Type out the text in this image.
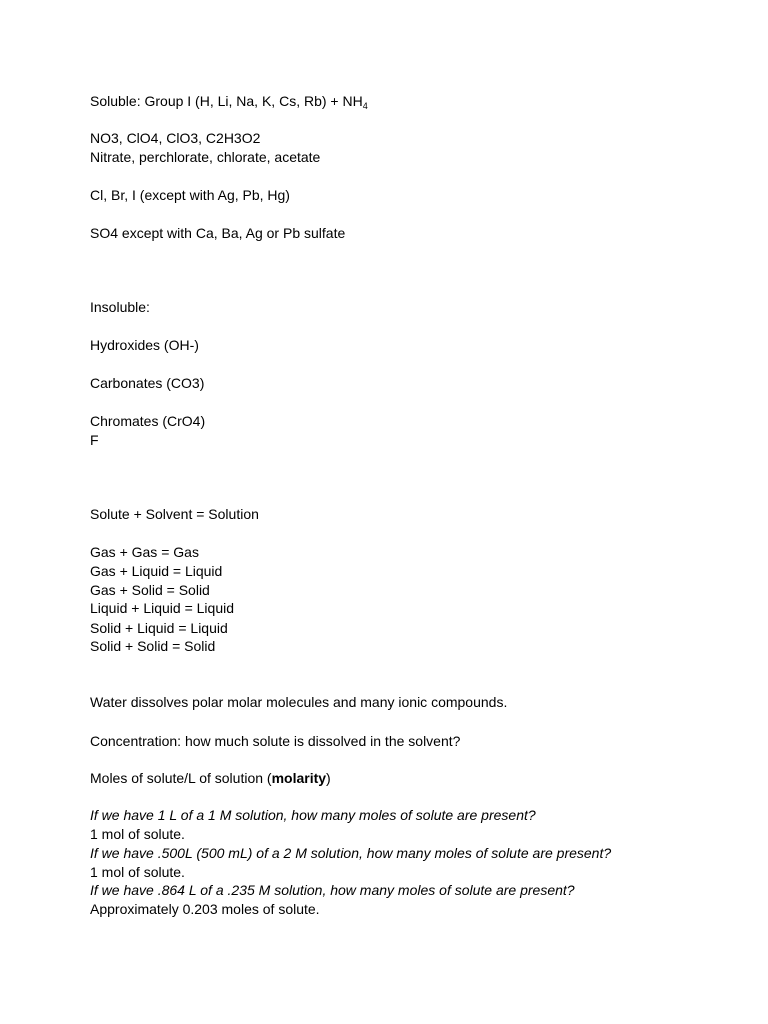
Soluble: Group I (H, Li, Na, K, Cs, $Rb) + NH_4$
NO3, ClO4, ClO3, C2H3O2
Nitrate, perchlorate, chlorate, acetate
Cl, Br, I (except with Ag, Pb, Hg)
SO4 except with Ca, Ba, Ag or Pb sulfate
Insoluble:
Hydroxides (OH-)
Carbonates (CO3)
Chromates (CrO4)
F
Solute + Solvent = Solution
Gas + Gas = Gas
Gas + Liquid = Liquid
Gas + Solid = Solid
Liquid + Liquid = Liquid
Solid + Liquid = Liquid
Solid + Solid = Solid
Water dissolves polar molar molecules and many ionic compounds.
Concentration: how much solute is dissolved in the solvent?
Moles of solute/L of solution (molarity)
If we have 1 L of a 1 M solution, how many moles of solute are present?
1 mol of solute.
If we have .500L (500 mL) of a 2 M solution, how many moles of solute are present?
1 mol of solute.
If we have .864 L of a .235 M solution, how many moles of solute are present?
Approximately 0.203 moles of solute.
